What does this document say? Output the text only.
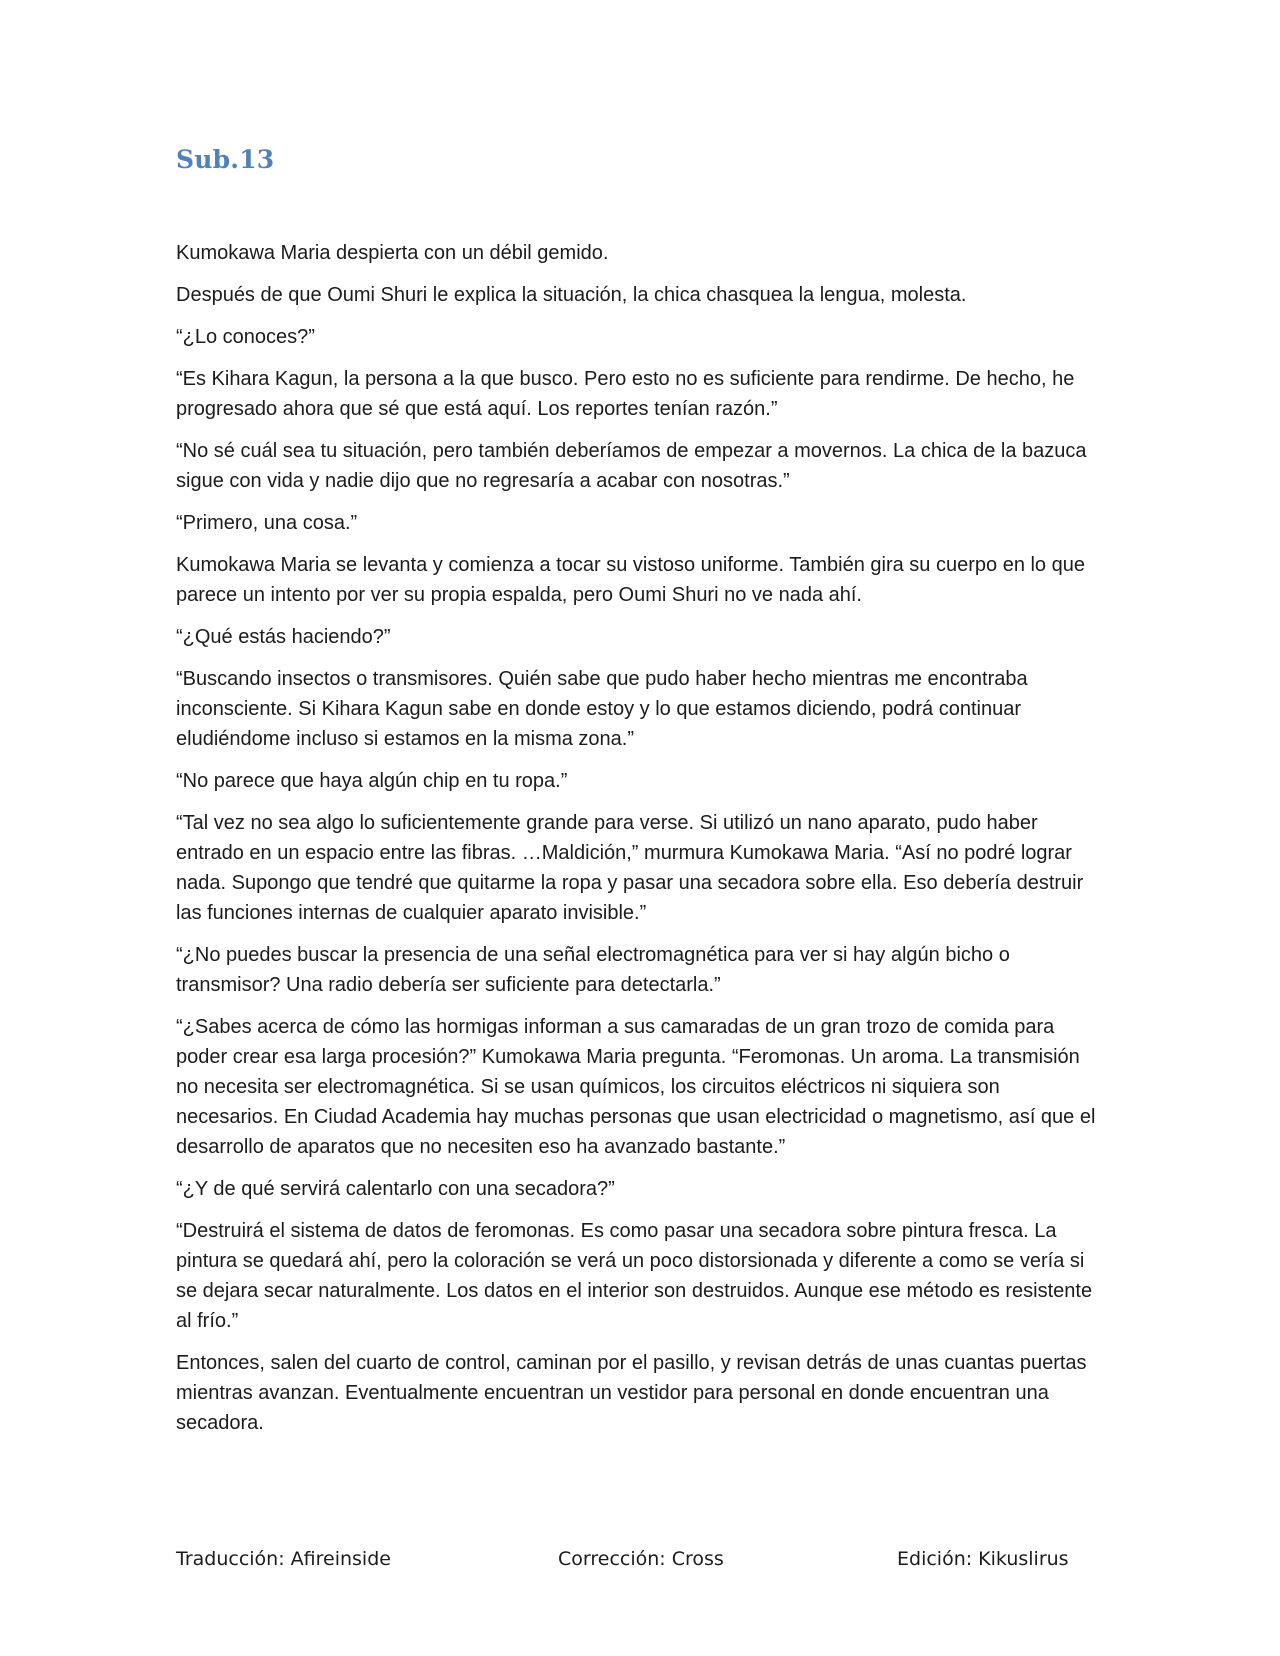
Sub.13

Kumokawa Maria despierta con un débil gemido.

Después de que Oumi Shuri le explica la situación, la chica chasquea la lengua, molesta.

“¿Lo conoces?”

“Es Kihara Kagun, la persona a la que busco. Pero esto no es suficiente para rendirme. De hecho, he progresado ahora que sé que está aquí. Los reportes tenían razón.”

“No sé cuál sea tu situación, pero también deberíamos de empezar a movernos. La chica de la bazuca sigue con vida y nadie dijo que no regresaría a acabar con nosotras.”

“Primero, una cosa.”

Kumokawa Maria se levanta y comienza a tocar su vistoso uniforme. También gira su cuerpo en lo que parece un intento por ver su propia espalda, pero Oumi Shuri no ve nada ahí.

“¿Qué estás haciendo?”

“Buscando insectos o transmisores. Quién sabe que pudo haber hecho mientras me encontraba inconsciente. Si Kihara Kagun sabe en donde estoy y lo que estamos diciendo, podrá continuar eludiéndome incluso si estamos en la misma zona.”

“No parece que haya algún chip en tu ropa.”

“Tal vez no sea algo lo suficientemente grande para verse. Si utilizó un nano aparato, pudo haber entrado en un espacio entre las fibras. …Maldición,” murmura Kumokawa Maria. “Así no podré lograr nada. Supongo que tendré que quitarme la ropa y pasar una secadora sobre ella. Eso debería destruir las funciones internas de cualquier aparato invisible.”

“¿No puedes buscar la presencia de una señal electromagnética para ver si hay algún bicho o transmisor? Una radio debería ser suficiente para detectarla.”

“¿Sabes acerca de cómo las hormigas informan a sus camaradas de un gran trozo de comida para poder crear esa larga procesión?” Kumokawa Maria pregunta. “Feromonas. Un aroma. La transmisión no necesita ser electromagnética. Si se usan químicos, los circuitos eléctricos ni siquiera son necesarios. En Ciudad Academia hay muchas personas que usan electricidad o magnetismo, así que el desarrollo de aparatos que no necesiten eso ha avanzado bastante.”

“¿Y de qué servirá calentarlo con una secadora?”

“Destruirá el sistema de datos de feromonas. Es como pasar una secadora sobre pintura fresca. La pintura se quedará ahí, pero la coloración se verá un poco distorsionada y diferente a como se vería si se dejara secar naturalmente. Los datos en el interior son destruidos. Aunque ese método es resistente al frío.”

Entonces, salen del cuarto de control, caminan por el pasillo, y revisan detrás de unas cuantas puertas mientras avanzan. Eventualmente encuentran un vestidor para personal en donde encuentran una secadora.

Traducción: Afireinside	Corrección: Cross	Edición: Kikuslirus
